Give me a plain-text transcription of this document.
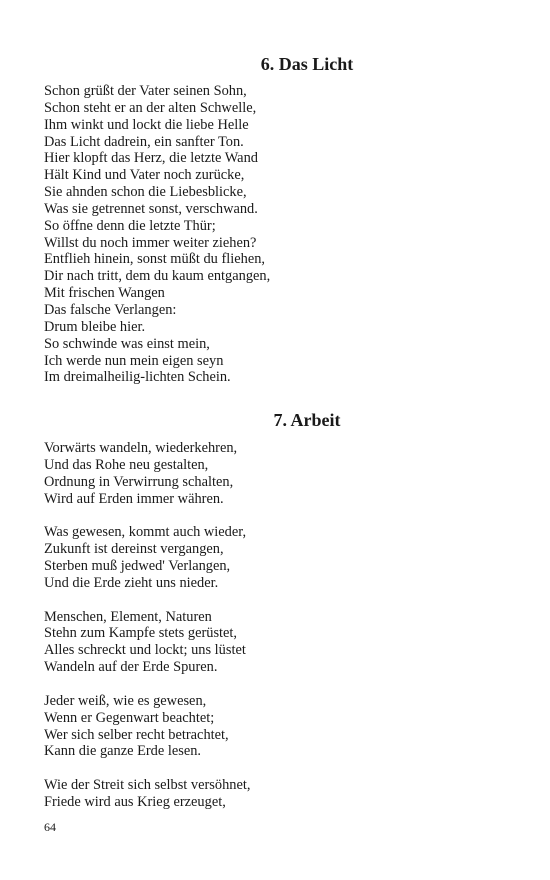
6. Das Licht
Schon grüßt der Vater seinen Sohn,
Schon steht er an der alten Schwelle,
Ihm winkt und lockt die liebe Helle
Das Licht dadrein, ein sanfter Ton.
Hier klopft das Herz, die letzte Wand
Hält Kind und Vater noch zurücke,
Sie ahnden schon die Liebesblicke,
Was sie getrennet sonst, verschwand.
So öffne denn die letzte Thür;
Willst du noch immer weiter ziehen?
Entflieh hinein, sonst müßt du fliehen,
Dir nach tritt, dem du kaum entgangen,
Mit frischen Wangen
Das falsche Verlangen:
Drum bleibe hier.
So schwinde was einst mein,
Ich werde nun mein eigen seyn
Im dreimalheilig-lichten Schein.
7. Arbeit
Vorwärts wandeln, wiederkehren,
Und das Rohe neu gestalten,
Ordnung in Verwirrung schalten,
Wird auf Erden immer währen.
Was gewesen, kommt auch wieder,
Zukunft ist dereinst vergangen,
Sterben muß jedwed' Verlangen,
Und die Erde zieht uns nieder.
Menschen, Element, Naturen
Stehn zum Kampfe stets gerüstet,
Alles schreckt und lockt; uns lüstet
Wandeln auf der Erde Spuren.
Jeder weiß, wie es gewesen,
Wenn er Gegenwart beachtet;
Wer sich selber recht betrachtet,
Kann die ganze Erde lesen.
Wie der Streit sich selbst versöhnet,
Friede wird aus Krieg erzeuget,
64
